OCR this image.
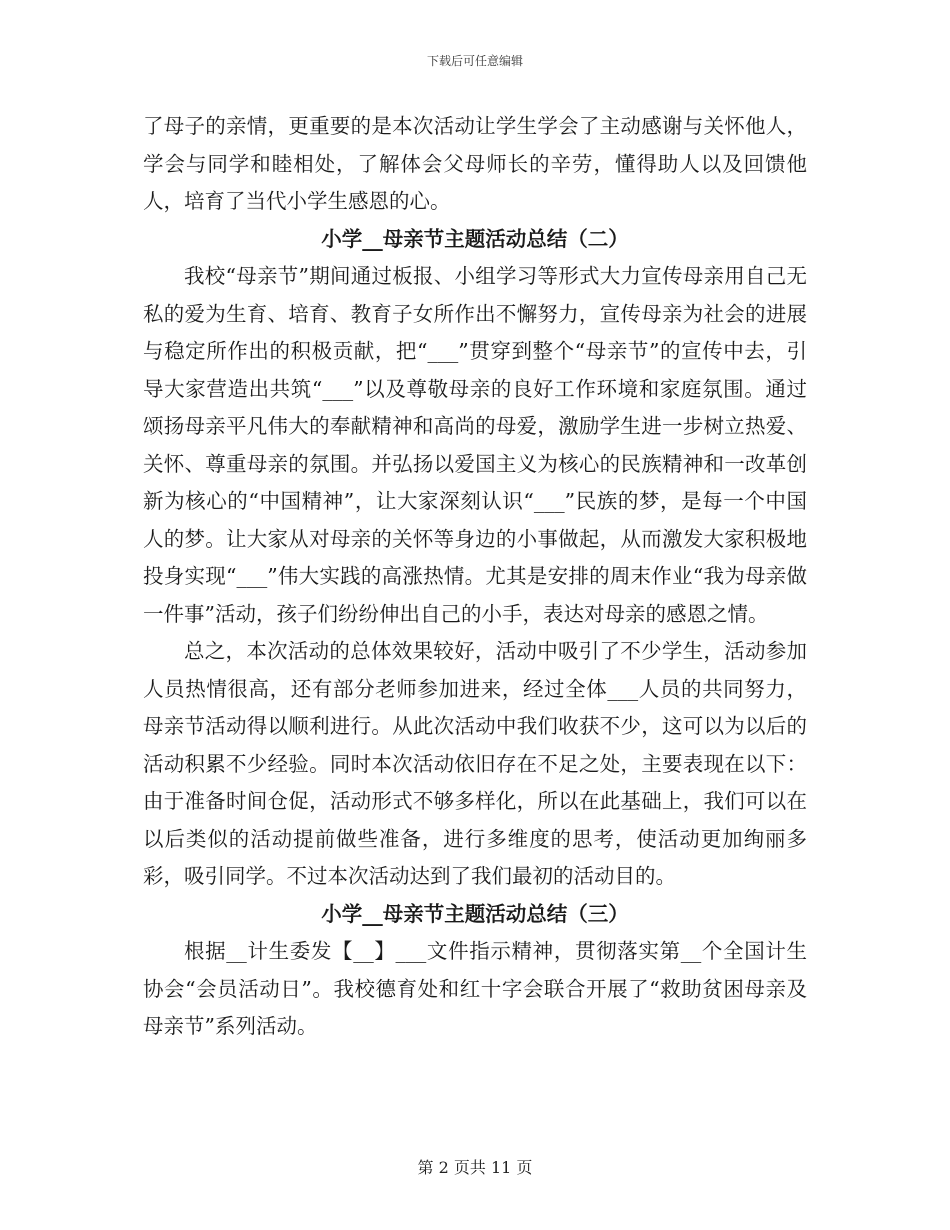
下载后可任意编辑

了母子的亲情，更重要的是本次活动让学生学会了主动感谢与关怀他人，学会与同学和睦相处，了解体会父母师长的辛劳，懂得助人以及回馈他人，培育了当代小学生感恩的心。

小学__母亲节主题活动总结（二）

我校“母亲节”期间通过板报、小组学习等形式大力宣传母亲用自己无私的爱为生育、培育、教育子女所作出不懈努力，宣传母亲为社会的进展与稳定所作出的积极贡献，把“___”贯穿到整个“母亲节”的宣传中去，引导大家营造出共筑“___”以及尊敬母亲的良好工作环境和家庭氛围。通过颂扬母亲平凡伟大的奉献精神和高尚的母爱，激励学生进一步树立热爱、关怀、尊重母亲的氛围。并弘扬以爱国主义为核心的民族精神和一改革创新为核心的“中国精神”，让大家深刻认识“___”民族的梦，是每一个中国人的梦。让大家从对母亲的关怀等身边的小事做起，从而激发大家积极地投身实现“___”伟大实践的高涨热情。尤其是安排的周末作业“我为母亲做一件事”活动，孩子们纷纷伸出自己的小手，表达对母亲的感恩之情。

总之，本次活动的总体效果较好，活动中吸引了不少学生，活动参加人员热情很高，还有部分老师参加进来，经过全体___人员的共同努力，母亲节活动得以顺利进行。从此次活动中我们收获不少，这可以为以后的活动积累不少经验。同时本次活动依旧存在不足之处，主要表现在以下：由于准备时间仓促，活动形式不够多样化，所以在此基础上，我们可以在以后类似的活动提前做些准备，进行多维度的思考，使活动更加绚丽多彩，吸引同学。不过本次活动达到了我们最初的活动目的。

小学__母亲节主题活动总结（三）

根据__计生委发【__】___文件指示精神，贯彻落实第__个全国计生协会“会员活动日”。我校德育处和红十字会联合开展了“救助贫困母亲及母亲节”系列活动。

第 2 页共 11 页
